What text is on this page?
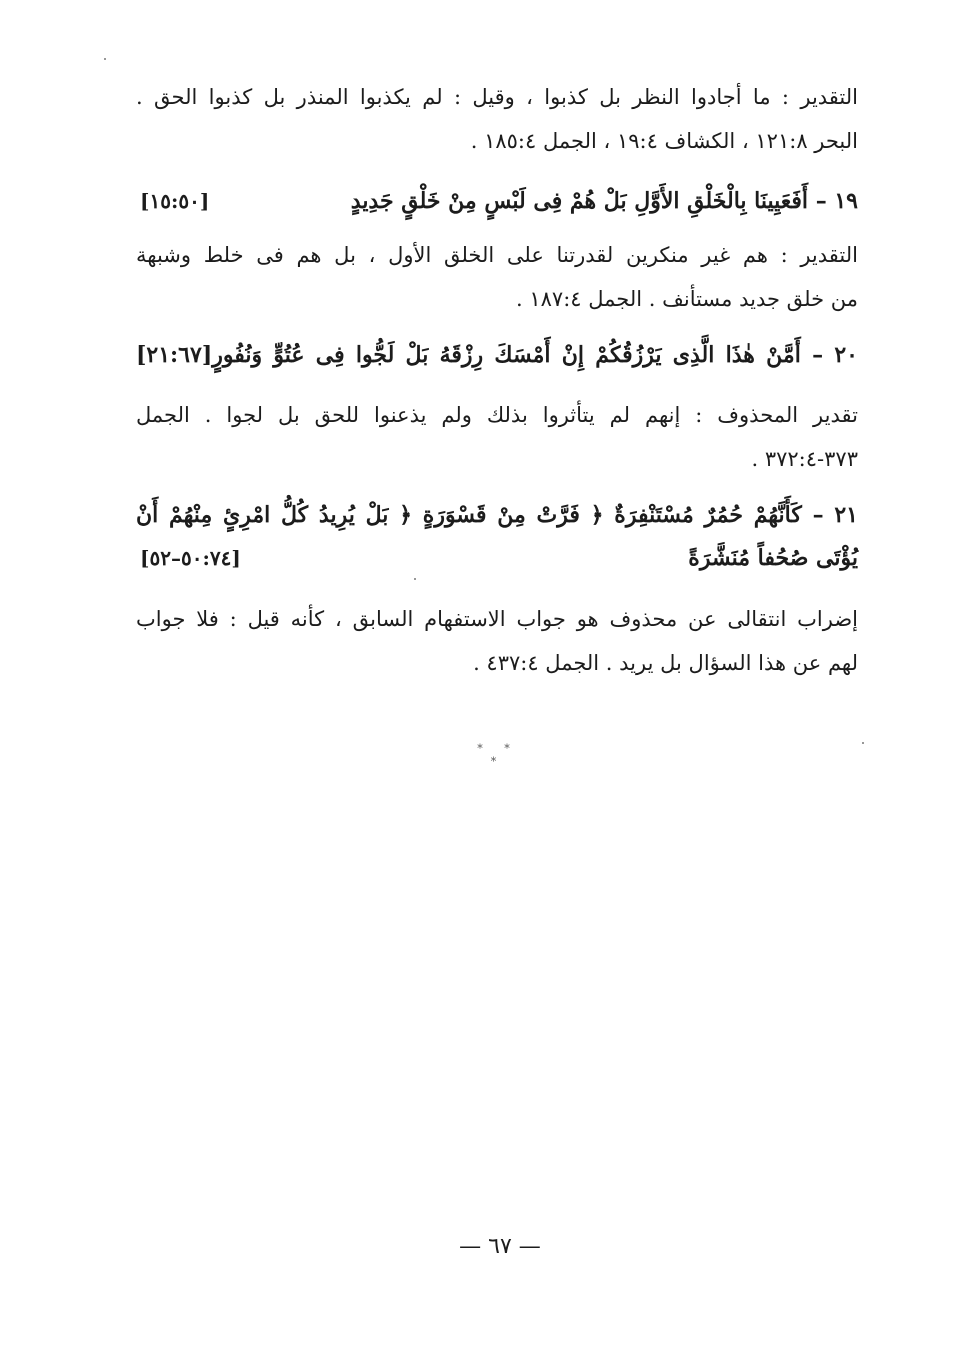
التقدير : ما أجادوا النظر بل كذبوا ، وقيل : لم يكذبوا المنذر بل كذبوا الحق .
البحر ١٢١:٨ ، الكشاف ١٩:٤ ، الجمل ١٨٥:٤ .
١٩ – أَفَعَيِينَا بِالْخَلْقِ الأَوَّلِ بَلْ هُمْ فِى لَبْسٍ مِنْ خَلْقٍ جَدِيدٍ
[١٥:٥٠]
التقدير : هم غير منكرين لقدرتنا على الخلق الأول ، بل هم فى خلط وشبهة
من خلق جديد مستأنف . الجمل ١٨٧:٤ .
٢٠ – أَمَّنْ هٰذَا الَّذِى يَرْزُقُكُمْ إِنْ أَمْسَكَ رِزْقَهُ بَلْ لَجُّوا فِى عُتُوٍّ وَنُفُورٍ[٢١:٦٧]
تقدير المحذوف : إنهم لم يتأثروا بذلك ولم يذعنوا للحق بل لجوا . الجمل
٣٧٣-٣٧٢:٤ .
٢١ – كَأَنَّهُمْ حُمُرٌ مُسْتَنْفِرَةٌ ﴿ فَرَّتْ مِنْ قَسْوَرَةٍ ﴿ بَلْ يُرِيدُ كُلُّ امْرِئٍ مِنْهُمْ أَنْ
يُؤْتَى صُحُفاً مُنَشَّرَةً
[٥٠:٧٤–٥٢]
إضراب انتقالى عن محذوف هو جواب الاستفهام السابق ، كأنه قيل : فلا جواب
لهم عن هذا السؤال بل يريد . الجمل ٤٣٧:٤ .
* * *
— ٦٧ —
